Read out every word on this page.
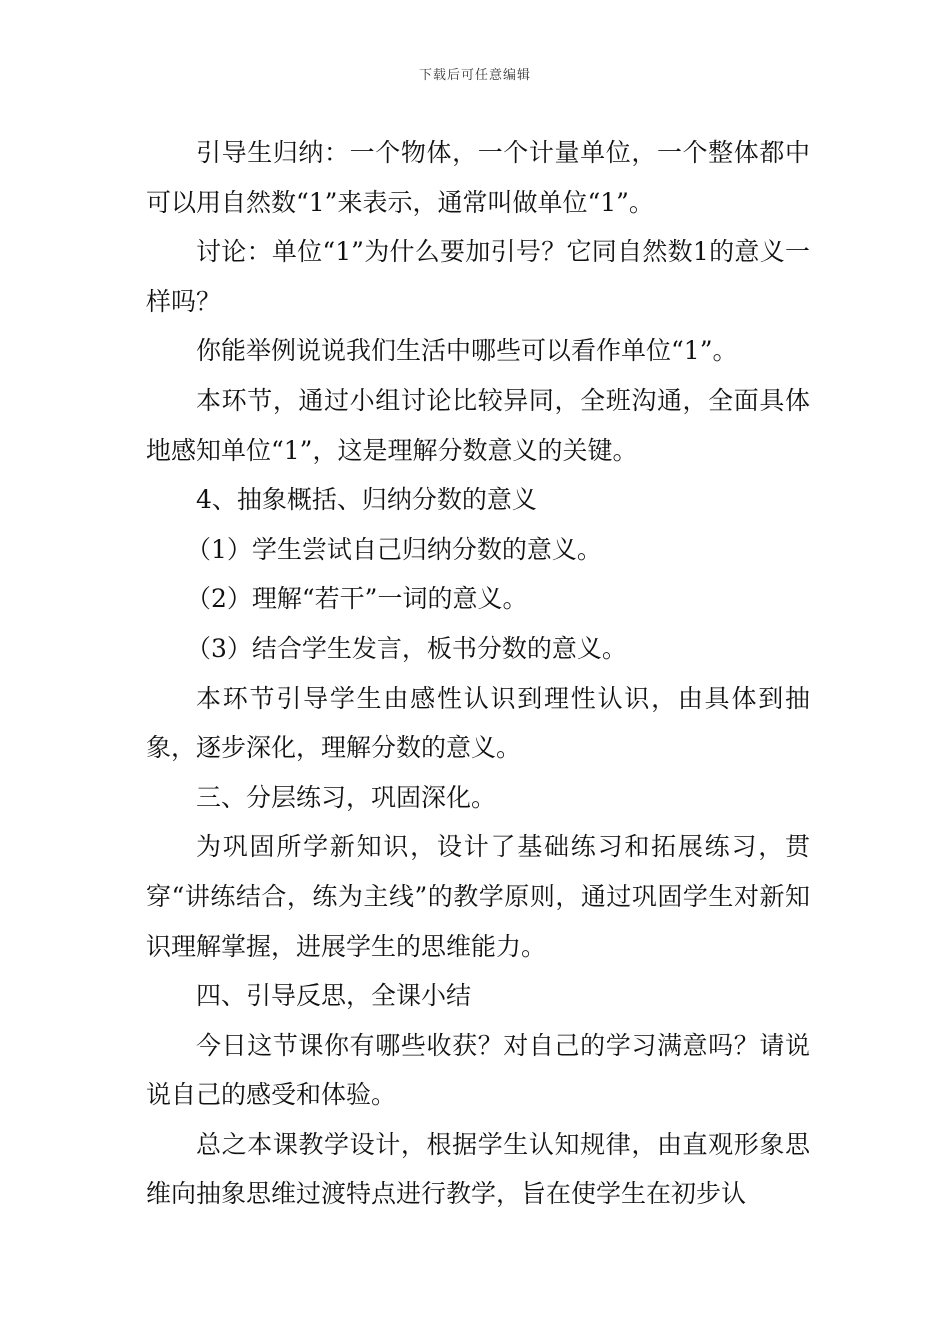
下载后可任意编辑

引导生归纳：一个物体，一个计量单位，一个整体都中可以用自然数“1”来表示，通常叫做单位“1”。

讨论：单位“1”为什么要加引号？它同自然数1的意义一样吗？

你能举例说说我们生活中哪些可以看作单位“1”。

本环节，通过小组讨论比较异同，全班沟通，全面具体地感知单位“1”，这是理解分数意义的关键。

4、抽象概括、归纳分数的意义

（1）学生尝试自己归纳分数的意义。

（2）理解“若干”一词的意义。

（3）结合学生发言，板书分数的意义。

本环节引导学生由感性认识到理性认识，由具体到抽象，逐步深化，理解分数的意义。

三、分层练习，巩固深化。

为巩固所学新知识，设计了基础练习和拓展练习，贯穿“讲练结合，练为主线”的教学原则，通过巩固学生对新知识理解掌握，进展学生的思维能力。

四、引导反思，全课小结

今日这节课你有哪些收获？对自己的学习满意吗？请说说自己的感受和体验。

总之本课教学设计，根据学生认知规律，由直观形象思维向抽象思维过渡特点进行教学，旨在使学生在初步认
